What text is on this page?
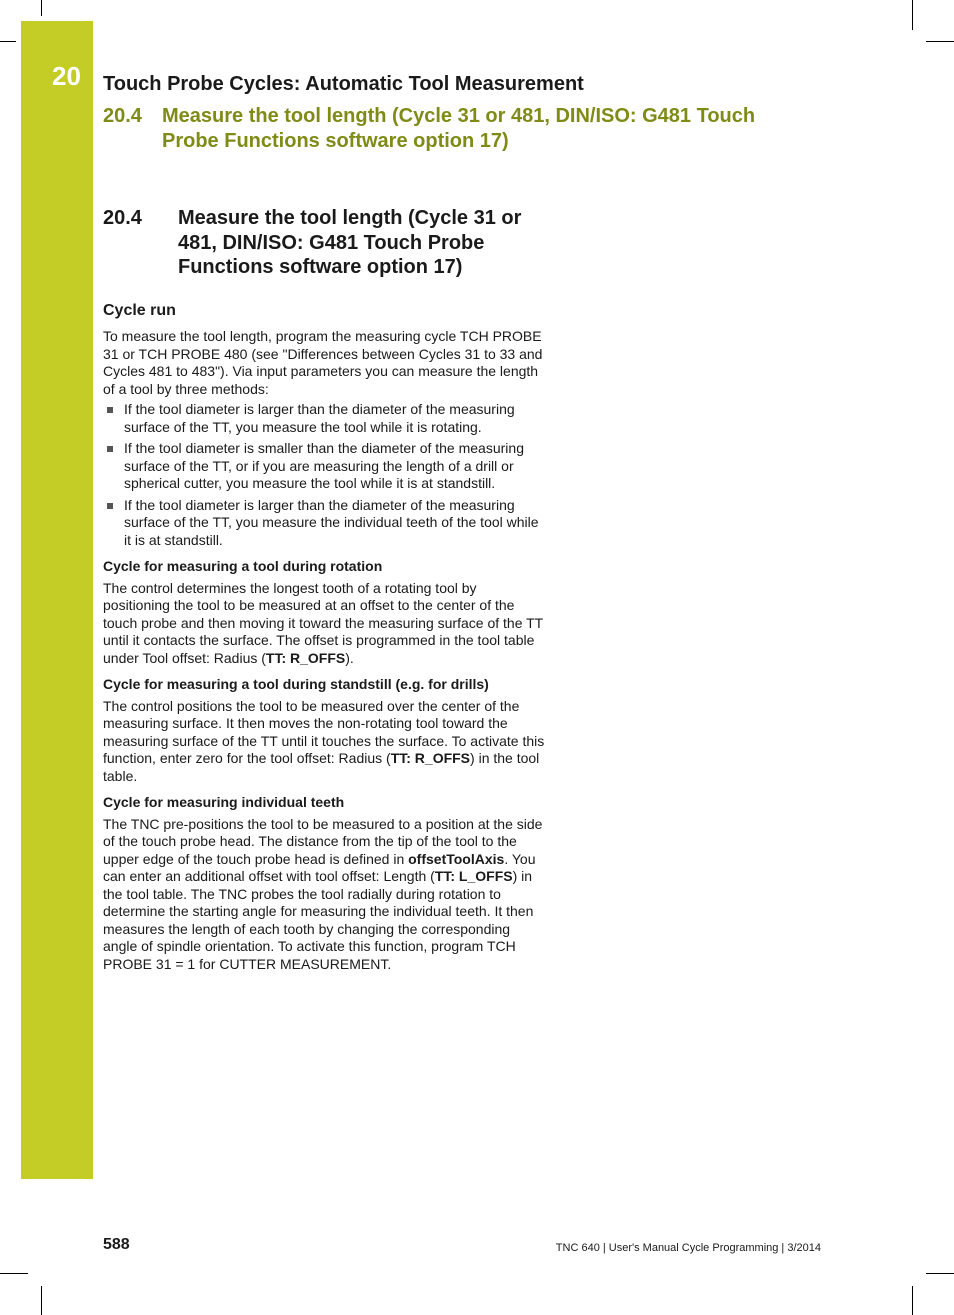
20 Touch Probe Cycles: Automatic Tool Measurement
20.4	Measure the tool length (Cycle 31 or 481, DIN/ISO: G481 Touch Probe Functions software option 17)
20.4	Measure the tool length (Cycle 31 or 481, DIN/ISO: G481 Touch Probe Functions software option 17)
Cycle run

To measure the tool length, program the measuring cycle TCH PROBE 31 or TCH PROBE 480 (see "Differences between Cycles 31 to 33 and Cycles 481 to 483"). Via input parameters you can measure the length of a tool by three methods:

If the tool diameter is larger than the diameter of the measuring surface of the TT, you measure the tool while it is rotating.
If the tool diameter is smaller than the diameter of the measuring surface of the TT, or if you are measuring the length of a drill or spherical cutter, you measure the tool while it is at standstill.
If the tool diameter is larger than the diameter of the measuring surface of the TT, you measure the individual teeth of the tool while it is at standstill.
Cycle for measuring a tool during rotation

The control determines the longest tooth of a rotating tool by positioning the tool to be measured at an offset to the center of the touch probe and then moving it toward the measuring surface of the TT until it contacts the surface. The offset is programmed in the tool table under Tool offset: Radius (TT: R_OFFS).

Cycle for measuring a tool during standstill (e.g. for drills)

The control positions the tool to be measured over the center of the measuring surface. It then moves the non-rotating tool toward the measuring surface of the TT until it touches the surface. To activate this function, enter zero for the tool offset: Radius (TT: R_OFFS) in the tool table.

Cycle for measuring individual teeth

The TNC pre-positions the tool to be measured to a position at the side of the touch probe head. The distance from the tip of the tool to the upper edge of the touch probe head is defined in offsetToolAxis. You can enter an additional offset with tool offset: Length (TT: L_OFFS) in the tool table. The TNC probes the tool radially during rotation to determine the starting angle for measuring the individual teeth. It then measures the length of each tooth by changing the corresponding angle of spindle orientation. To activate this function, program TCH PROBE 31 = 1 for CUTTER MEASUREMENT.

588	TNC 640 | User's Manual Cycle Programming | 3/2014
